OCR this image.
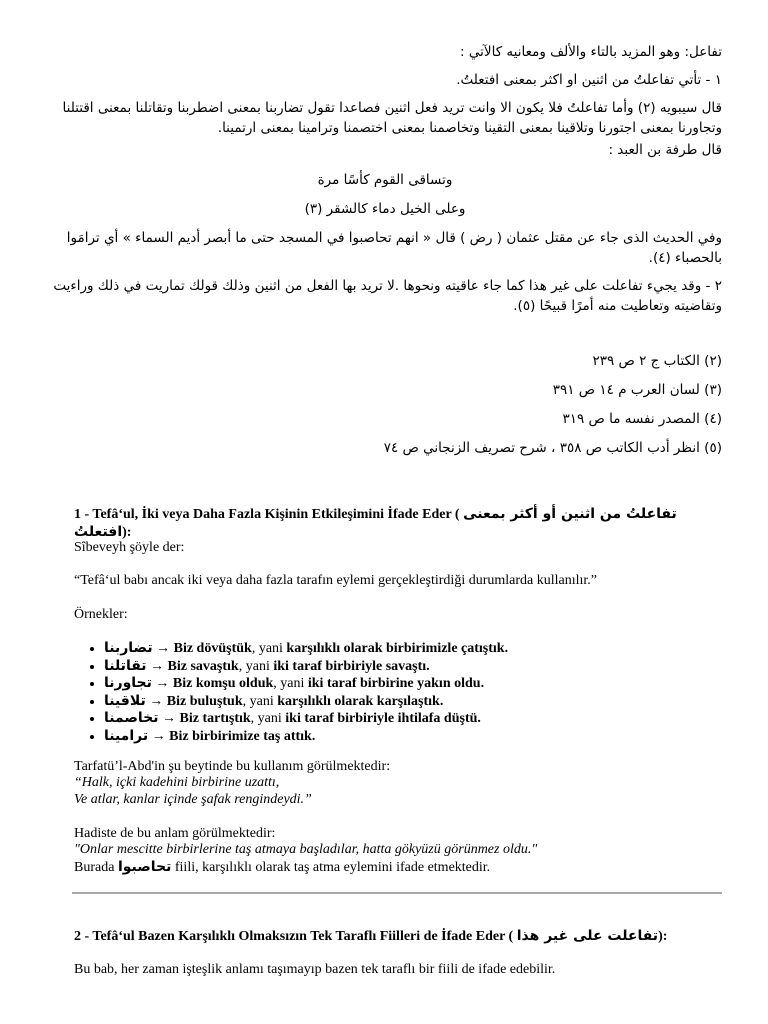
تفاعل: وهو المزيد بالتاء والألف ومعانيه كالآتي :
١ - تأتي تفاعلتُ من اثنين او اكثر بمعنى افتعلتُ.
قال سيبويه (٢) وأما تفاعلتُ فلا يكون الا وانت تريد فعل اثنين فصاعدا تقول تضاربنا بمعنى اضطربنا وتقاتلنا بمعنى اقتتلنا وتجاورنا بمعنى اجتورنا وتلاقينا بمعنى التقينا وتخاصمنا بمعنى اختصمنا وترامينا بمعنى ارتمينا.
قال طرفة بن العبد :
وتساقى القوم كأسًا مرة
وعلى الخيل دماء كالشقر (٣)
وفي الحديث الذى جاء عن مقتل عثمان ( رض ) قال « انهم تحاصبوا في المسجد حتى ما أبصر أديم السماء » أي ترامَوا بالحصباء (٤).
٢ - وقد يجيء تفاعلت على غير هذا كما جاء عاقيته ونحوها .لا تريد بها الفعل من اثنين وذلك قولك تماريت في ذلك وراءيت وتقاضيته وتعاطيت منه أمرًا قبيحًا (٥).
(٢) الكتاب ج ٢ ص ٢٣٩
(٣) لسان العرب م ١٤ ص ٣٩١
(٤) المصدر نفسه ما ص ٣١٩
(٥) انظر أدب الكاتب ص ٣٥٨ ، شرح تصريف الزنجاني ص ٧٤
1 - Tefâ‘ul, İki veya Daha Fazla Kişinin Etkileşimini İfade Eder ( تفاعلتُ من اثنين أو أكثر بمعنى افتعلتُ):
Sîbeveyh şöyle der:
“Tefâ‘ul babı ancak iki veya daha fazla tarafın eylemi gerçekleştirdiği durumlarda kullanılır.”
Örnekler:
• تضاربنا → Biz dövüştük, yani karşılıklı olarak birbirimizle çatıştık.
• تقاتلنا → Biz savaştık, yani iki taraf birbiriyle savaştı.
• تجاورنا → Biz komşu olduk, yani iki taraf birbirine yakın oldu.
• تلاقينا → Biz buluştuk, yani karşılıklı olarak karşılaştık.
• تخاصمنا → Biz tartıştık, yani iki taraf birbiriyle ihtilafa düştü.
• ترامينا → Biz birbirimize taş attık.
Tarfatü’l-Abd'in şu beytinde bu kullanım görülmektedir:
“Halk, içki kadehini birbirine uzattı,
Ve atlar, kanlar içinde şafak rengindeydi.”
Hadiste de bu anlam görülmektedir:
"Onlar mescitte birbirlerine taş atmaya başladılar, hatta gökyüzü görünmez oldu."
Burada تحاصبوا fiili, karşılıklı olarak taş atma eylemini ifade etmektedir.
2 - Tefâ‘ul Bazen Karşılıklı Olmaksızın Tek Taraflı Fiilleri de İfade Eder ( تفاعلت على غير هذا):
Bu bab, her zaman işteşlik anlamı taşımayıp bazen tek taraflı bir fiili de ifade edebilir.
